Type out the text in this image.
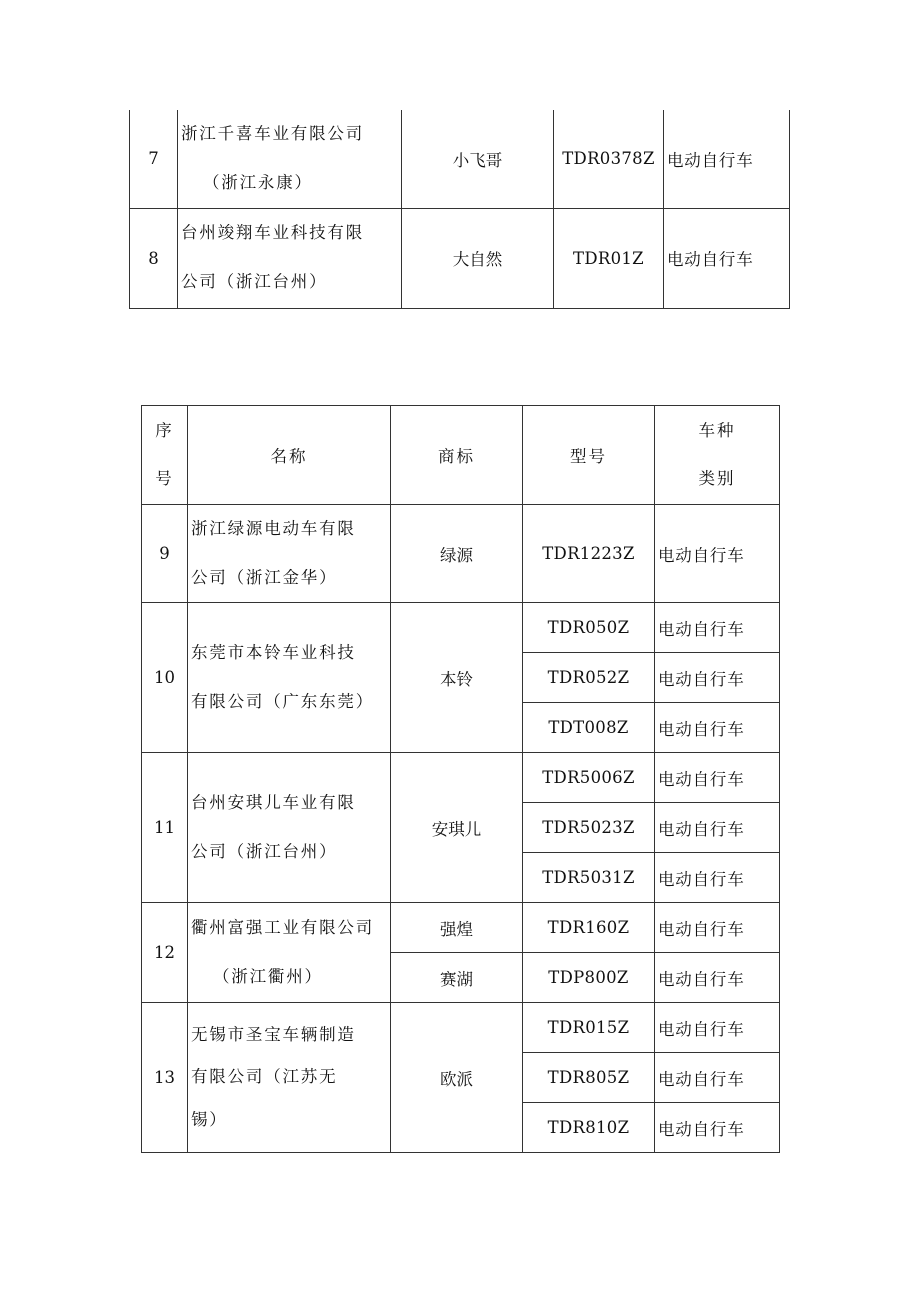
7	浙江千喜车业有限公司
（浙江永康）	小飞哥	TDR0378Z	电动自行车
8	台州竣翔车业科技有限
公司（浙江台州）	大自然	TDR01Z	电动自行车
序
号	名称	商标	型号	车种
类别

9	浙江绿源电动车有限
公司（浙江金华）	绿源	TDR1223Z	电动自行车
10	东莞市本铃车业科技
有限公司（广东东莞）	本铃	TDR050Z	电动自行车
			TDR052Z	电动自行车
			TDT008Z	电动自行车
11	台州安琪儿车业有限
公司（浙江台州）	安琪儿	TDR5006Z	电动自行车
			TDR5023Z	电动自行车
			TDR5031Z	电动自行车
12	衢州富强工业有限公司
（浙江衢州）	强煌	TDR160Z	电动自行车
		赛湖	TDP800Z	电动自行车
13	无锡市圣宝车辆制造
有限公司（江苏无
锡）	欧派	TDR015Z	电动自行车
			TDR805Z	电动自行车
			TDR810Z	电动自行车
